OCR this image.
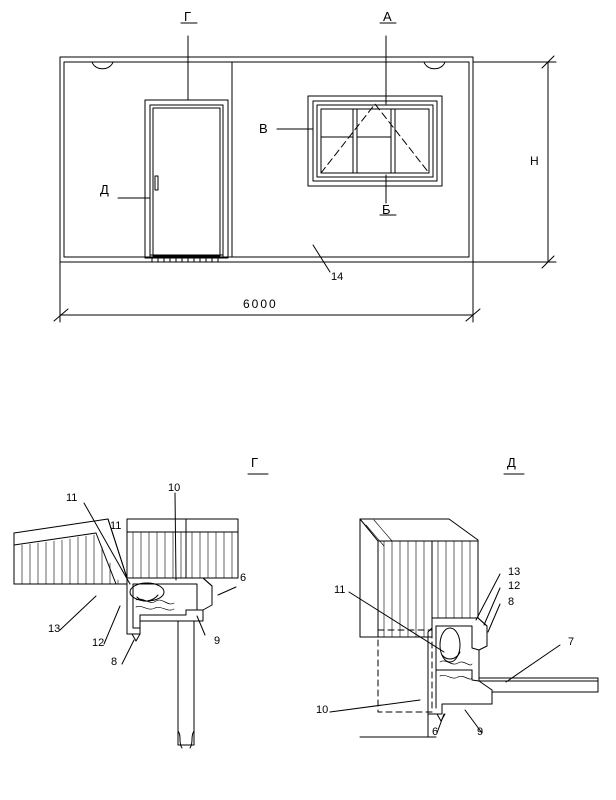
Г	А
В
Б
Д
14
6000
H
Г
11
11
10
6
9
13
12
8
Д
11
13
12
8
7
10
6	9
